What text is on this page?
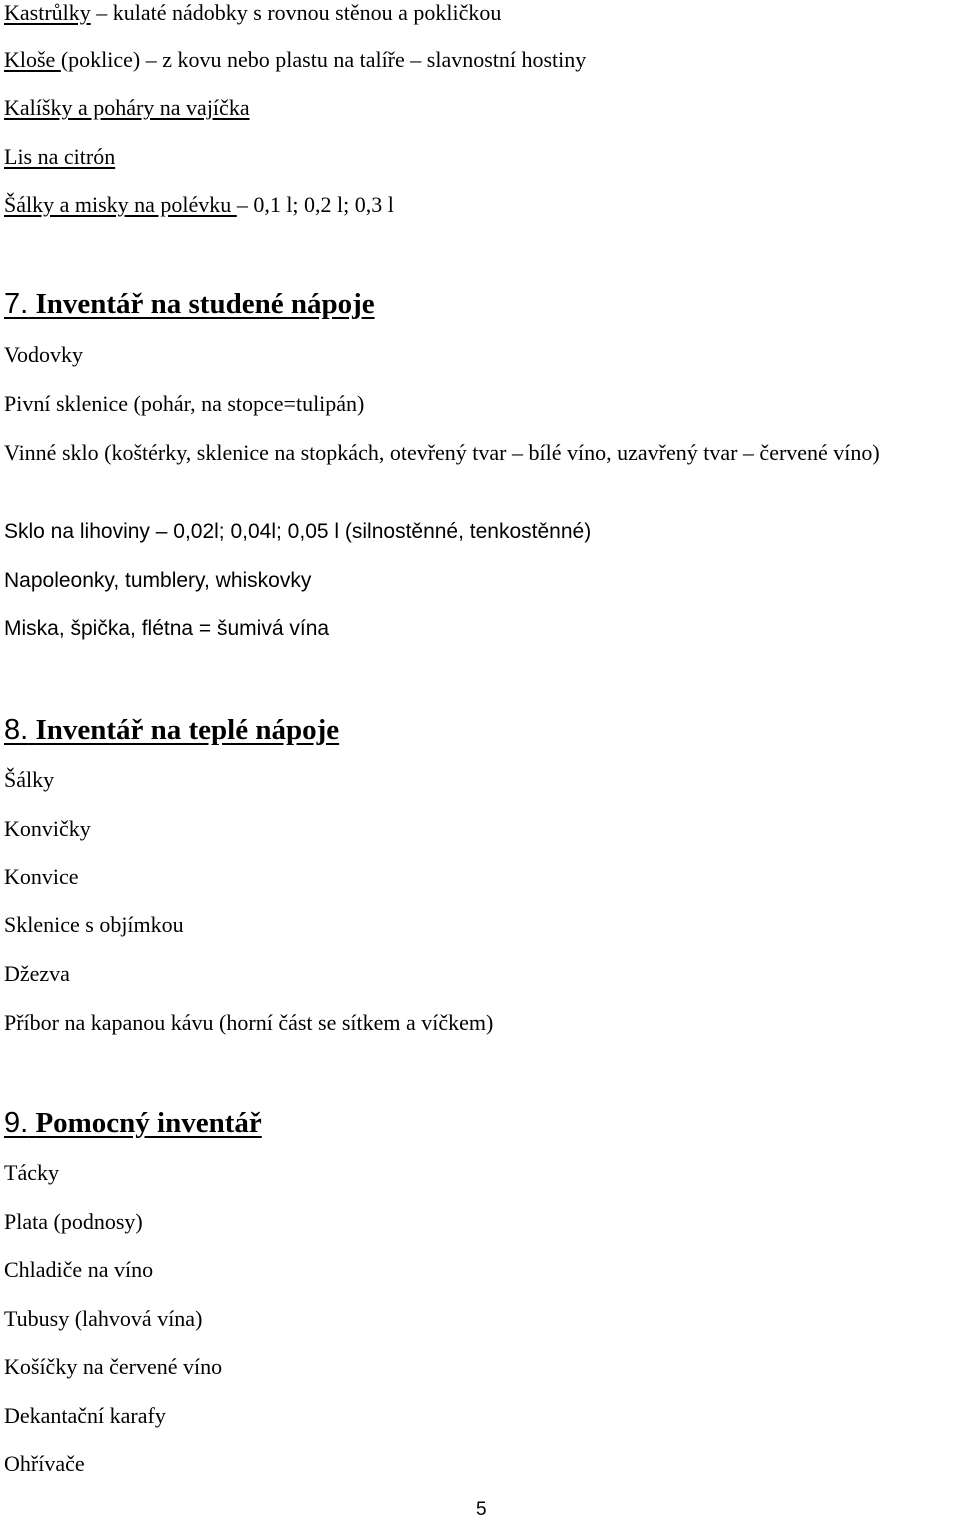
Kastrůlky – kulaté nádobky s rovnou stěnou a pokličkou
Kloše (poklice) – z kovu nebo plastu na talíře – slavnostní hostiny
Kalíšky a poháry na vajíčka
Lis na citrón
Šálky a misky na polévku – 0,1 l; 0,2 l; 0,3 l
7. Inventář na studené nápoje
Vodovky
Pivní sklenice (pohár, na stopce=tulipán)
Vinné sklo (koštérky, sklenice na stopkách, otevřený tvar – bílé víno, uzavřený tvar – červené víno)
Sklo na lihoviny – 0,02l; 0,04l; 0,05 l (silnostěnné, tenkostěnné)
Napoleonky, tumblery, whiskovky
Miska, špička, flétna = šumivá vína
8. Inventář na teplé nápoje
Šálky
Konvičky
Konvice
Sklenice s objímkou
Džezva
Příbor na kapanou kávu (horní část se sítkem a víčkem)
9. Pomocný inventář
Tácky
Plata (podnosy)
Chladiče na víno
Tubusy (lahvová vína)
Košíčky na červené víno
Dekantační karafy
Ohřívače
5
